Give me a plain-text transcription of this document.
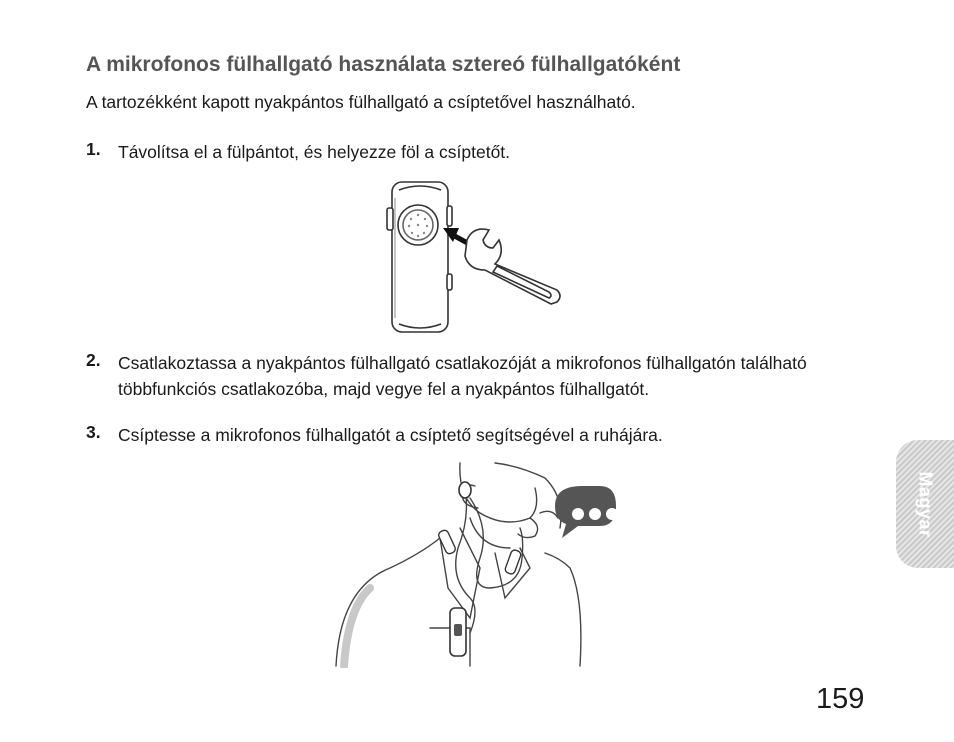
A mikrofonos fülhallgató használata sztereó fülhallgatóként
A tartozékként kapott nyakpántos fülhallgató a csíptetővel használható.
1. Távolítsa el a fülpántot, és helyezze föl a csíptetőt.
2. Csatlakoztassa a nyakpántos fülhallgató csatlakozóját a mikrofonos fülhallgatón található többfunkciós csatlakozóba, majd vegye fel a nyakpántos fülhallgatót.
3. Csíptesse a mikrofonos fülhallgatót a csíptető segítségével a ruhájára.
Magyar
159
